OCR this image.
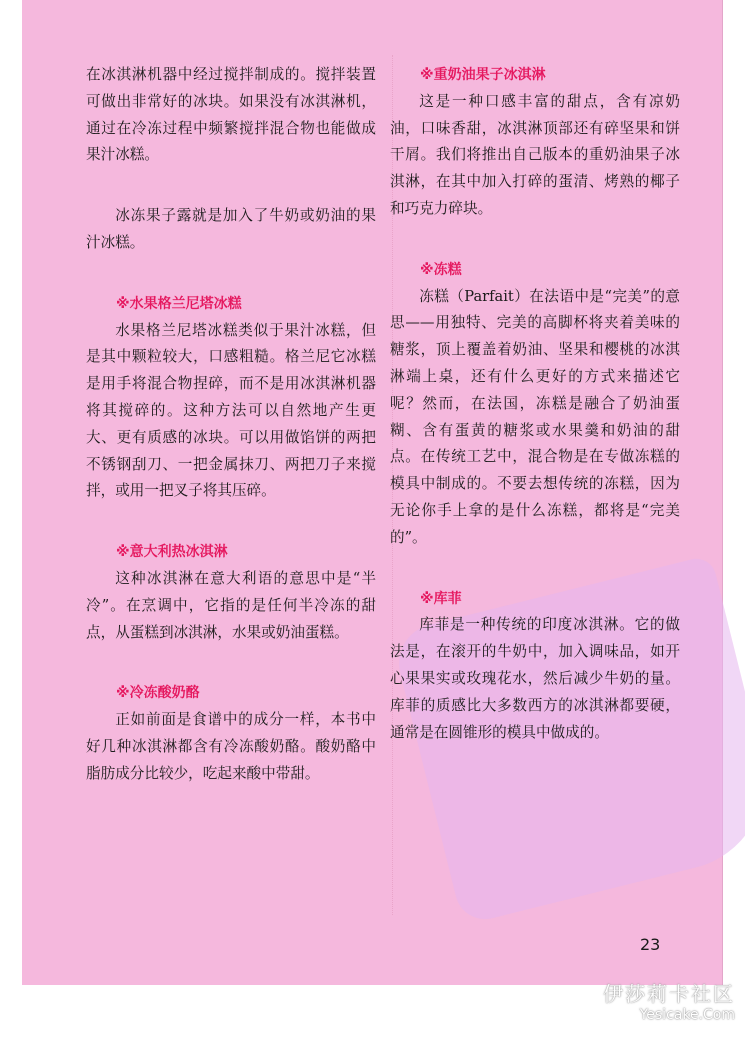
在冰淇淋机器中经过搅拌制成的。搅拌装置可做出非常好的冰块。如果没有冰淇淋机，通过在冷冻过程中频繁搅拌混合物也能做成果汁冰糕。

冰冻果子露就是加入了牛奶或奶油的果汁冰糕。

※水果格兰尼塔冰糕

水果格兰尼塔冰糕类似于果汁冰糕，但是其中颗粒较大，口感粗糙。格兰尼它冰糕是用手将混合物捏碎，而不是用冰淇淋机器将其搅碎的。这种方法可以自然地产生更大、更有质感的冰块。可以用做馅饼的两把不锈钢刮刀、一把金属抹刀、两把刀子来搅拌，或用一把叉子将其压碎。

※意大利热冰淇淋

这种冰淇淋在意大利语的意思中是“半冷”。在烹调中，它指的是任何半冷冻的甜点，从蛋糕到冰淇淋，水果或奶油蛋糕。

※冷冻酸奶酪

正如前面是食谱中的成分一样，本书中好几种冰淇淋都含有冷冻酸奶酪。酸奶酪中脂肪成分比较少，吃起来酸中带甜。

※重奶油果子冰淇淋

这是一种口感丰富的甜点，含有凉奶油，口味香甜，冰淇淋顶部还有碎坚果和饼干屑。我们将推出自己版本的重奶油果子冰淇淋，在其中加入打碎的蛋清、烤熟的椰子和巧克力碎块。

※冻糕

冻糕（Parfait）在法语中是“完美”的意思——用独特、完美的高脚杯将夹着美味的糖浆，顶上覆盖着奶油、坚果和樱桃的冰淇淋端上桌，还有什么更好的方式来描述它呢？然而，在法国，冻糕是融合了奶油蛋糊、含有蛋黄的糖浆或水果羹和奶油的甜点。在传统工艺中，混合物是在专做冻糕的模具中制成的。不要去想传统的冻糕，因为无论你手上拿的是什么冻糕，都将是“完美的”。

※库菲

库菲是一种传统的印度冰淇淋。它的做法是，在滚开的牛奶中，加入调味品，如开心果果实或玫瑰花水，然后减少牛奶的量。库菲的质感比大多数西方的冰淇淋都要硬，通常是在圆锥形的模具中做成的。

23
伊莎莉卡社区
Yesicake.Com
